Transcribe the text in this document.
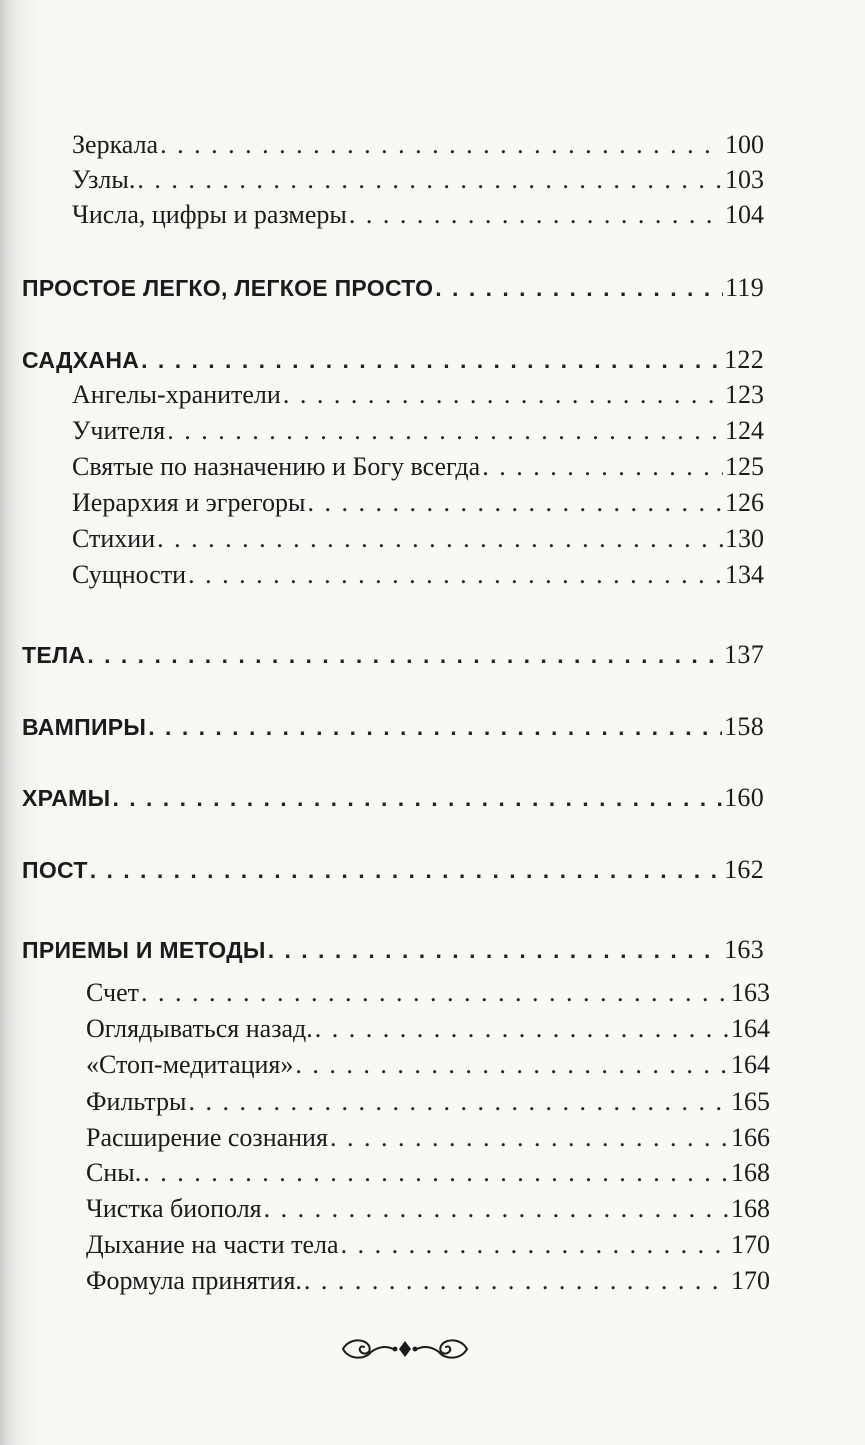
Зеркала . . .	100
Узлы. . . .	103
Числа, цифры и размеры . . .	104
ПРОСТОЕ ЛЕГКО, ЛЕГКОЕ ПРОСТО . . .	119
САДХАНА . . .	122
Ангелы-хранители . . .	123
Учителя . . .	124
Святые по назначению и Богу всегда . . .	125
Иерархия и эгрегоры . . .	126
Стихии . . .	130
Сущности . . .	134
ТЕЛА . . .	137
ВАМПИРЫ . . .	158
ХРАМЫ . . .	160
ПОСТ . . .	162
ПРИЕМЫ И МЕТОДЫ . . .	163
Счет . . .	163
Оглядываться назад. . . .	164
«Стоп-медитация» . . .	164
Фильтры . . .	165
Расширение сознания . . .	166
Сны. . . .	168
Чистка биополя . . .	168
Дыхание на части тела . . .	170
Формула принятия. . . .	170
